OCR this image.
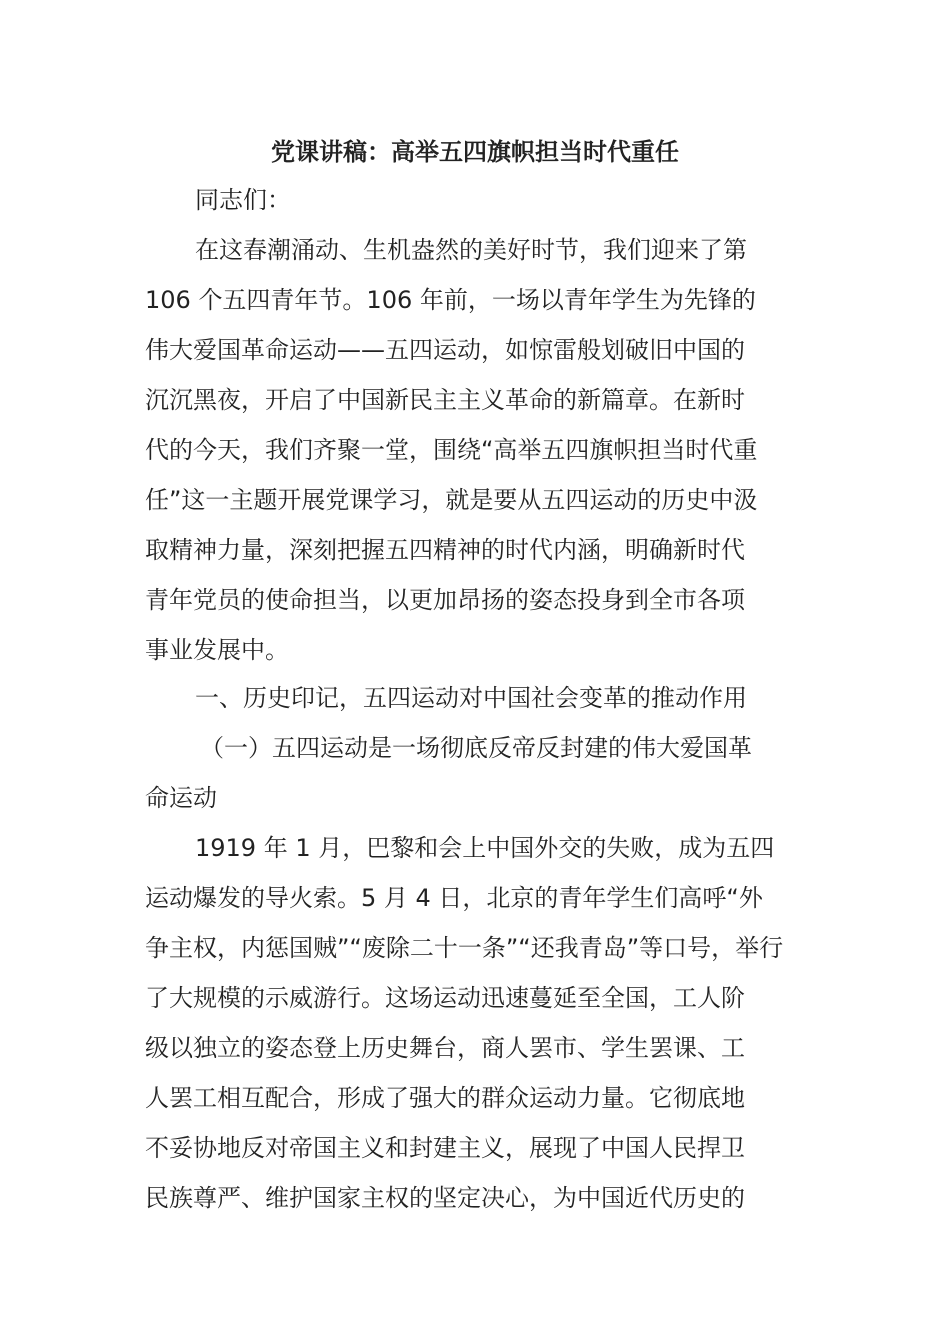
党课讲稿：高举五四旗帜担当时代重任
同志们：
在这春潮涌动、生机盎然的美好时节，我们迎来了第
106 个五四青年节。106 年前，一场以青年学生为先锋的
伟大爱国革命运动——五四运动，如惊雷般划破旧中国的
沉沉黑夜，开启了中国新民主主义革命的新篇章。在新时
代的今天，我们齐聚一堂，围绕“高举五四旗帜担当时代重
任”这一主题开展党课学习，就是要从五四运动的历史中汲
取精神力量，深刻把握五四精神的时代内涵，明确新时代
青年党员的使命担当，以更加昂扬的姿态投身到全市各项
事业发展中。
一、历史印记，五四运动对中国社会变革的推动作用
（一）五四运动是一场彻底反帝反封建的伟大爱国革
命运动
1919 年 1 月，巴黎和会上中国外交的失败，成为五四
运动爆发的导火索。5 月 4 日，北京的青年学生们高呼“外
争主权，内惩国贼”“废除二十一条”“还我青岛”等口号，举行
了大规模的示威游行。这场运动迅速蔓延至全国，工人阶
级以独立的姿态登上历史舞台，商人罢市、学生罢课、工
人罢工相互配合，形成了强大的群众运动力量。它彻底地
不妥协地反对帝国主义和封建主义，展现了中国人民捍卫
民族尊严、维护国家主权的坚定决心，为中国近代历史的
